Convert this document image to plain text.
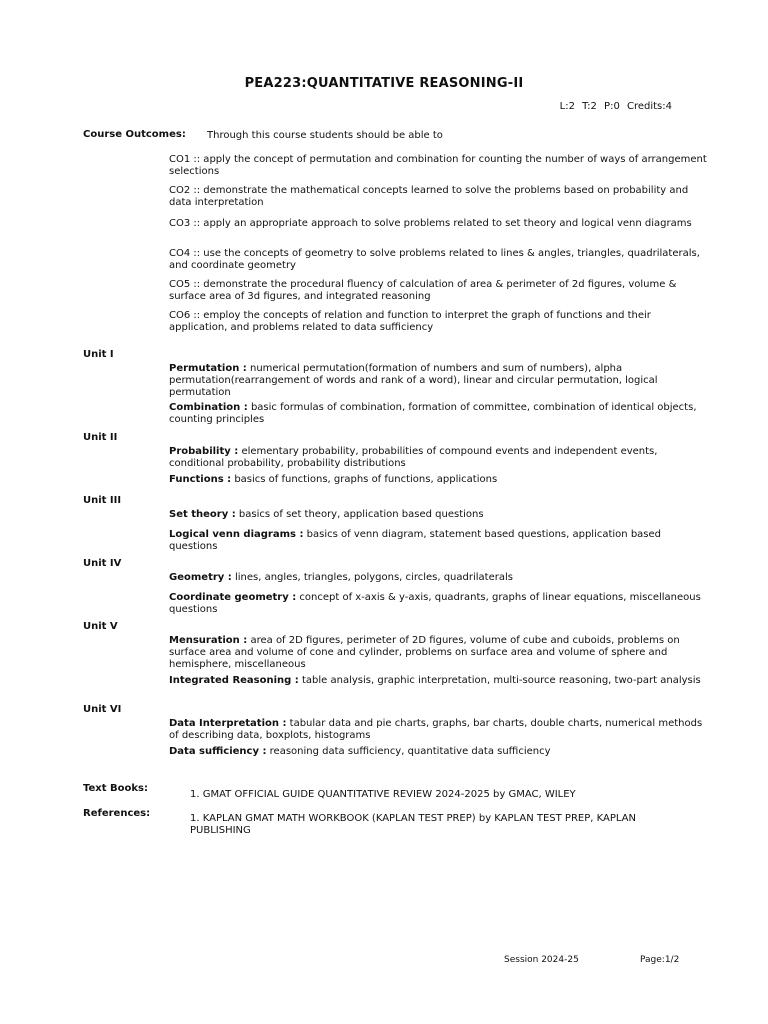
PEA223:QUANTITATIVE REASONING-II
L:2 T:2 P:0 Credits:4
Course Outcomes: Through this course students should be able to
CO1 :: apply the concept of permutation and combination for counting the number of ways of arrangement selections
CO2 :: demonstrate the mathematical concepts learned to solve the problems based on probability and data interpretation
CO3 :: apply an appropriate approach to solve problems related to set theory and logical venn diagrams
CO4 :: use the concepts of geometry to solve problems related to lines & angles, triangles, quadrilaterals, and coordinate geometry
CO5 :: demonstrate the procedural fluency of calculation of area & perimeter of 2d figures, volume & surface area of 3d figures, and integrated reasoning
CO6 :: employ the concepts of relation and function to interpret the graph of functions and their application, and problems related to data sufficiency
Unit I
Permutation : numerical permutation(formation of numbers and sum of numbers), alpha permutation(rearrangement of words and rank of a word), linear and circular permutation, logical permutation
Combination : basic formulas of combination, formation of committee, combination of identical objects, counting principles
Unit II
Probability : elementary probability, probabilities of compound events and independent events, conditional probability, probability distributions
Functions : basics of functions, graphs of functions, applications
Unit III
Set theory : basics of set theory, application based questions
Logical venn diagrams : basics of venn diagram, statement based questions, application based questions
Unit IV
Geometry : lines, angles, triangles, polygons, circles, quadrilaterals
Coordinate geometry : concept of x-axis & y-axis, quadrants, graphs of linear equations, miscellaneous questions
Unit V
Mensuration : area of 2D figures, perimeter of 2D figures, volume of cube and cuboids, problems on surface area and volume of cone and cylinder, problems on surface area and volume of sphere and hemisphere, miscellaneous
Integrated Reasoning : table analysis, graphic interpretation, multi-source reasoning, two-part analysis
Unit VI
Data Interpretation : tabular data and pie charts, graphs, bar charts, double charts, numerical methods of describing data, boxplots, histograms
Data sufficiency : reasoning data sufficiency, quantitative data sufficiency
Text Books:
1. GMAT OFFICIAL GUIDE QUANTITATIVE REVIEW 2024-2025 by GMAC, WILEY
References:	1. KAPLAN GMAT MATH WORKBOOK (KAPLAN TEST PREP) by KAPLAN TEST PREP, KAPLAN PUBLISHING
Session 2024-25	Page:1/2
